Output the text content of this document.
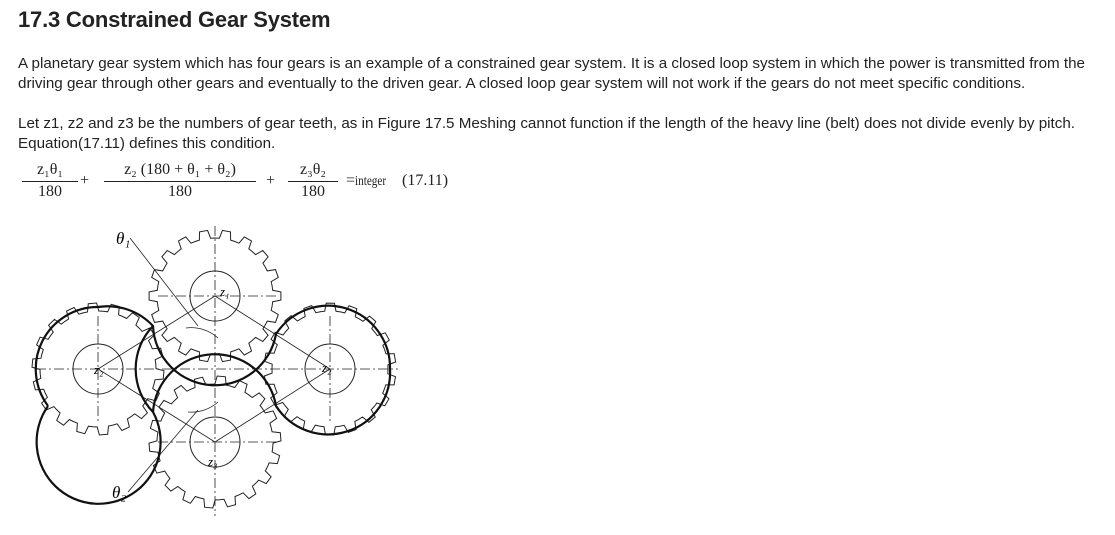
17.3 Constrained Gear System
A planetary gear system which has four gears is an example of a constrained gear system. It is a closed loop system in which the power is transmitted from the driving gear through other gears and eventually to the driven gear. A closed loop gear system will not work if the gears do not meet specific conditions.
Let z1, z2 and z3 be the numbers of gear teeth, as in Figure 17.5 Meshing cannot function if the length of the heavy line (belt) does not divide evenly by pitch. Equation(17.11) defines this condition.
z₁θ₁
180
+
z₂ (180 + θ₁ + θ₂)
180
+
z₃θ₂
180
=integer (17.11)
θ₁
θ₂
z₁
z₂	z₂
z₃
